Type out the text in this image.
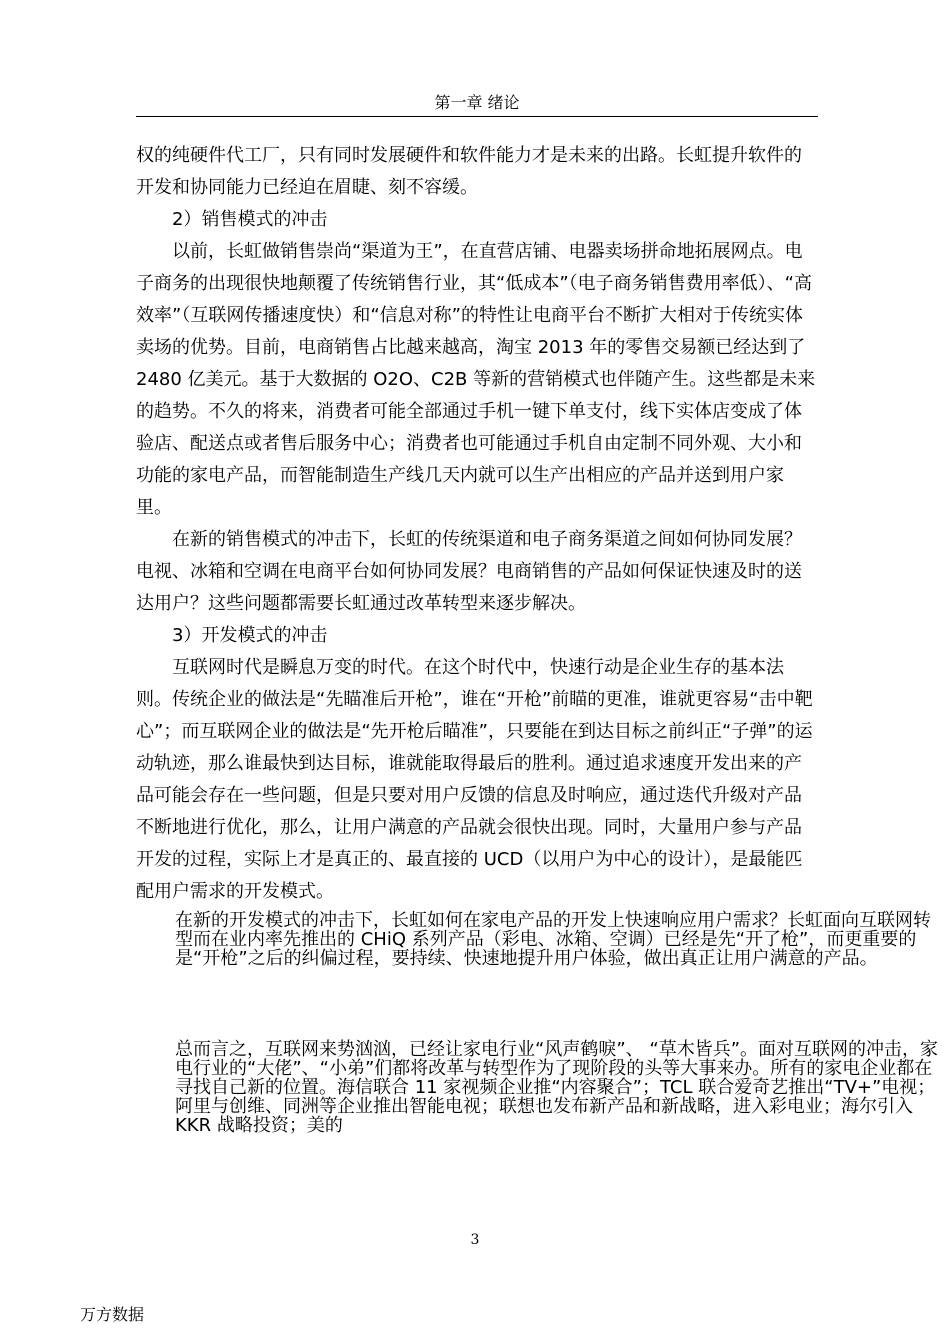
第一章 绪论

权的纯硬件代工厂，只有同时发展硬件和软件能力才是未来的出路。长虹提升软件的开发和协同能力已经迫在眉睫、刻不容缓。

2）销售模式的冲击

以前，长虹做销售崇尚“渠道为王”，在直营店铺、电器卖场拼命地拓展网点。电子商务的出现很快地颠覆了传统销售行业，其“低成本”（电子商务销售费用率低）、“高效率”（互联网传播速度快）和“信息对称”的特性让电商平台不断扩大相对于传统实体卖场的优势。目前，电商销售占比越来越高，淘宝 2013 年的零售交易额已经达到了 2480 亿美元。基于大数据的 O2O、C2B 等新的营销模式也伴随产生。这些都是未来的趋势。不久的将来，消费者可能全部通过手机一键下单支付，线下实体店变成了体验店、配送点或者售后服务中心；消费者也可能通过手机自由定制不同外观、大小和功能的家电产品，而智能制造生产线几天内就可以生产出相应的产品并送到用户家里。

在新的销售模式的冲击下，长虹的传统渠道和电子商务渠道之间如何协同发展？电视、冰箱和空调在电商平台如何协同发展？电商销售的产品如何保证快速及时的送达用户？这些问题都需要长虹通过改革转型来逐步解决。

3）开发模式的冲击

互联网时代是瞬息万变的时代。在这个时代中，快速行动是企业生存的基本法则。传统企业的做法是“先瞄准后开枪”，谁在“开枪”前瞄的更准，谁就更容易“击中靶心”；而互联网企业的做法是“先开枪后瞄准”，只要能在到达目标之前纠正“子弹”的运动轨迹，那么谁最快到达目标，谁就能取得最后的胜利。通过追求速度开发出来的产品可能会存在一些问题，但是只要对用户反馈的信息及时响应，通过迭代升级对产品不断地进行优化，那么，让用户满意的产品就会很快出现。同时，大量用户参与产品开发的过程，实际上才是真正的、最直接的 UCD（以用户为中心的设计），是最能匹配用户需求的开发模式。

在新的开发模式的冲击下，长虹如何在家电产品的开发上快速响应用户需求？长虹面向互联网转型而在业内率先推出的 CHiQ 系列产品（彩电、冰箱、空调）已经是先“开了枪”，而更重要的是“开枪”之后的纠偏过程，要持续、快速地提升用户体验，做出真正让用户满意的产品。

总而言之，互联网来势汹汹，已经让家电行业“风声鹤唳”、 “草木皆兵”。面对互联网的冲击，家电行业的“大佬”、“小弟”们都将改革与转型作为了现阶段的头等大事来办。所有的家电企业都在寻找自己新的位置。海信联合 11 家视频企业推“内容聚合”；TCL 联合爱奇艺推出“TV+”电视；阿里与创维、同洲等企业推出智能电视；联想也发布新产品和新战略，进入彩电业；海尔引入 KKR 战略投资；美的

3
万方数据
